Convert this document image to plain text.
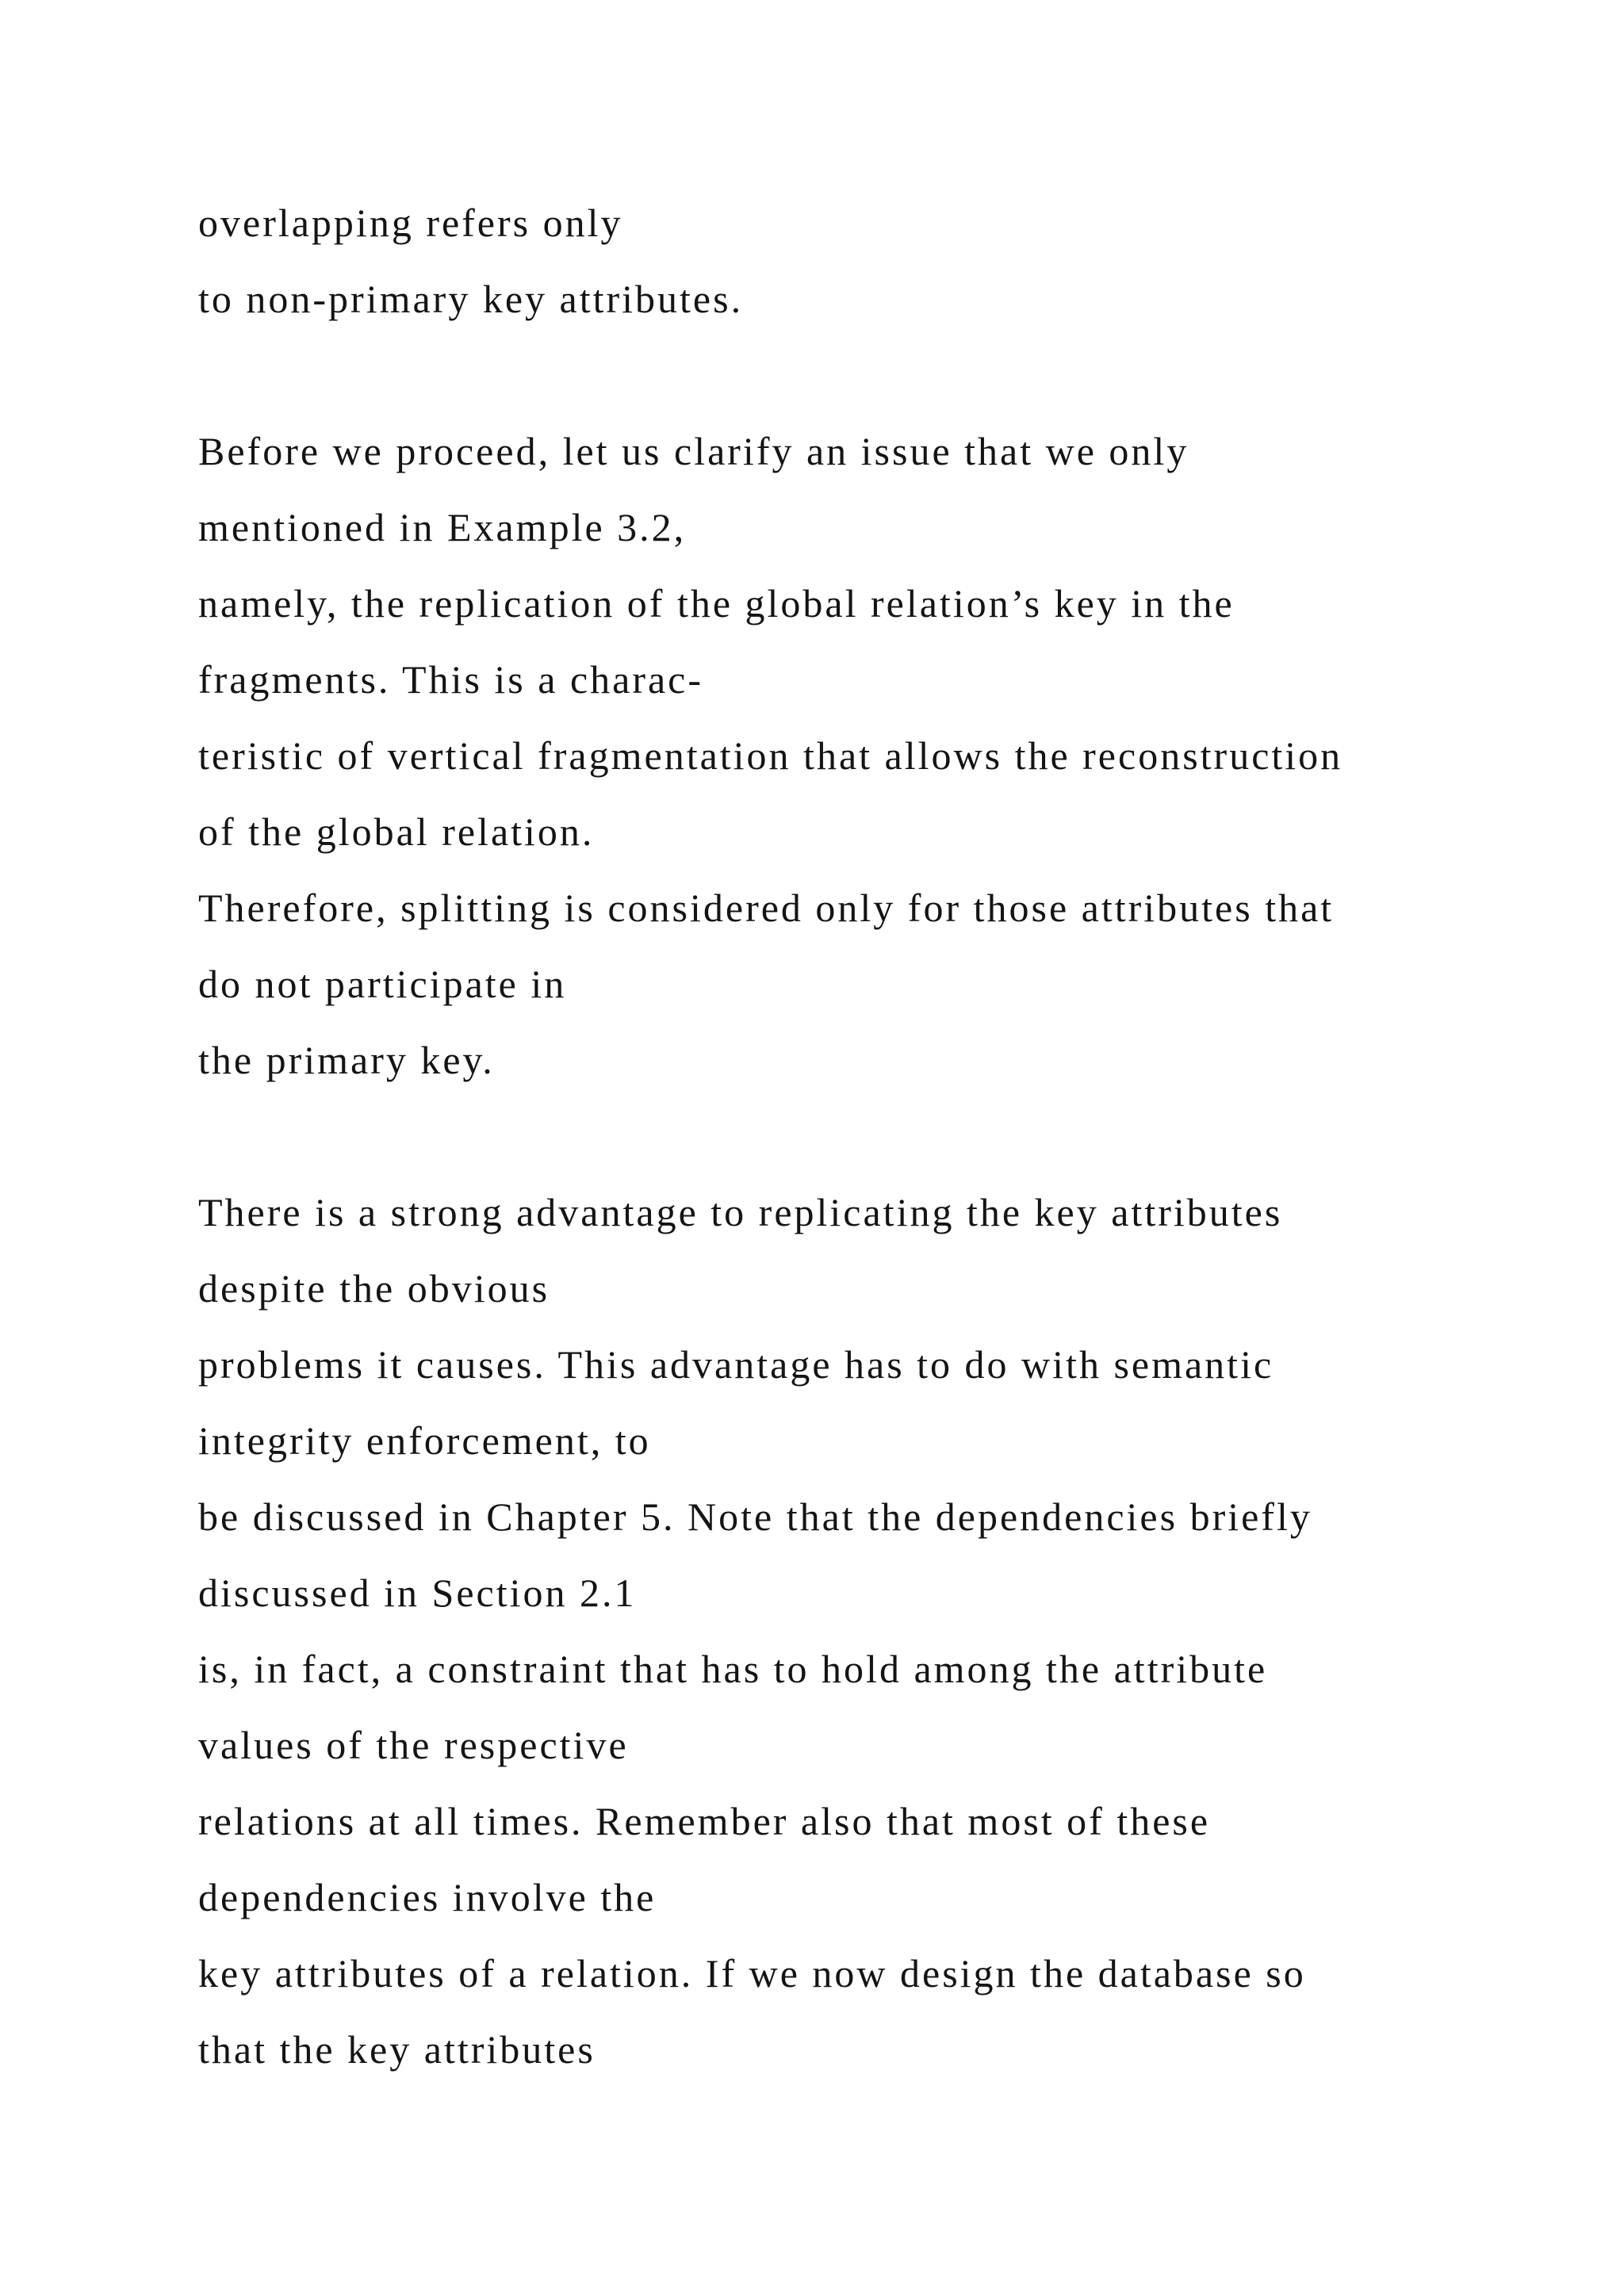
overlapping refers only

to non-primary key attributes.

Before we proceed, let us clarify an issue that we only

mentioned in Example 3.2,

namely, the replication of the global relation’s key in the

fragments. This is a charac-

teristic of vertical fragmentation that allows the reconstruction

of the global relation.

Therefore, splitting is considered only for those attributes that

do not participate in

the primary key.

There is a strong advantage to replicating the key attributes

despite the obvious

problems it causes. This advantage has to do with semantic

integrity enforcement, to

be discussed in Chapter 5. Note that the dependencies briefly

discussed in Section 2.1

is, in fact, a constraint that has to hold among the attribute

values of the respective

relations at all times. Remember also that most of these

dependencies involve the

key attributes of a relation. If we now design the database so

that the key attributes
